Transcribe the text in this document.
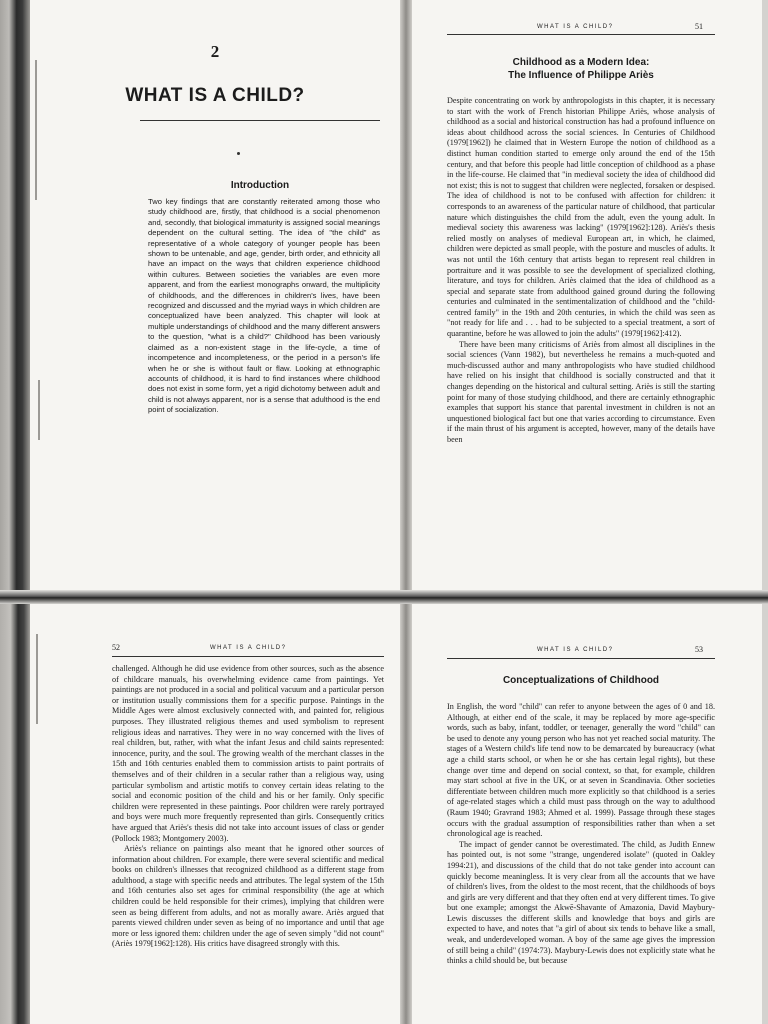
2
WHAT IS A CHILD?
Introduction
Two key findings that are constantly reiterated among those who study childhood are, firstly, that childhood is a social phenomenon and, secondly, that biological immaturity is assigned social meanings dependent on the cultural setting. The idea of "the child" as representative of a whole category of younger people has been shown to be untenable, and age, gender, birth order, and ethnicity all have an impact on the ways that children experience childhood within cultures. Between societies the variables are even more apparent, and from the earliest monographs onward, the multiplicity of childhoods, and the differences in children's lives, have been recognized and discussed and the myriad ways in which children are conceptualized have been analyzed. This chapter will look at multiple understandings of childhood and the many different answers to the question, "what is a child?" Childhood has been variously claimed as a non-existent stage in the life-cycle, a time of incompetence and incompleteness, or the period in a person's life when he or she is without fault or flaw. Looking at ethnographic accounts of childhood, it is hard to find instances where childhood does not exist in some form, yet a rigid dichotomy between adult and child is not always apparent, nor is a sense that adulthood is the end point of socialization.
WHAT IS A CHILD?	51
Childhood as a Modern Idea:
The Influence of Philippe Ariès

Despite concentrating on work by anthropologists in this chapter, it is necessary to start with the work of French historian Philippe Ariès, whose analysis of childhood as a social and historical construction has had a profound influence on ideas about childhood across the social sciences. In Centuries of Childhood (1979[1962]) he claimed that in Western Europe the notion of childhood as a distinct human condition started to emerge only around the end of the 15th century, and that before this people had little conception of childhood as a phase in the life-course. He claimed that "in medieval society the idea of childhood did not exist; this is not to suggest that children were neglected, forsaken or despised. The idea of childhood is not to be confused with affection for children: it corresponds to an awareness of the particular nature of childhood, that particular nature which distinguishes the child from the adult, even the young adult. In medieval society this awareness was lacking" (1979[1962]:128). Ariès's thesis relied mostly on analyses of medieval European art, in which, he claimed, children were depicted as small people, with the posture and muscles of adults. It was not until the 16th century that artists began to represent real children in portraiture and it was possible to see the development of specialized clothing, literature, and toys for children. Ariès claimed that the idea of childhood as a special and separate state from adulthood gained ground during the following centuries and culminated in the sentimentalization of childhood and the "child-centred family" in the 19th and 20th centuries, in which the child was seen as "not ready for life and . . . had to be subjected to a special treatment, a sort of quarantine, before he was allowed to join the adults" (1979[1962]:412).

There have been many criticisms of Ariès from almost all disciplines in the social sciences (Vann 1982), but nevertheless he remains a much-quoted and much-discussed author and many anthropologists who have studied childhood have relied on his insight that childhood is socially constructed and that it changes depending on the historical and cultural setting. Ariès is still the starting point for many of those studying childhood, and there are certainly ethnographic examples that support his stance that parental investment in children is not an unquestioned biological fact but one that varies according to circumstance. Even if the main thrust of his argument is accepted, however, many of the details have been

52	WHAT IS A CHILD?

challenged. Although he did use evidence from other sources, such as the absence of childcare manuals, his overwhelming evidence came from paintings. Yet paintings are not produced in a social and political vacuum and a particular person or institution usually commissions them for a specific purpose. Paintings in the Middle Ages were almost exclusively connected with, and painted for, religious purposes. They illustrated religious themes and used symbolism to represent religious ideas and narratives. They were in no way concerned with the lives of real children, but, rather, with what the infant Jesus and child saints represented: innocence, purity, and the soul. The growing wealth of the merchant classes in the 15th and 16th centuries enabled them to commission artists to paint portraits of themselves and of their children in a secular rather than a religious way, using particular symbolism and artistic motifs to convey certain ideas relating to the social and economic position of the child and his or her family. Only specific children were represented in these paintings. Poor children were rarely portrayed and boys were much more frequently represented than girls. Consequently critics have argued that Ariès's thesis did not take into account issues of class or gender (Pollock 1983; Montgomery 2003).

Ariès's reliance on paintings also meant that he ignored other sources of information about children. For example, there were several scientific and medical books on children's illnesses that recognized childhood as a different stage from adulthood, a stage with specific needs and attributes. The legal system of the 15th and 16th centuries also set ages for criminal responsibility (the age at which children could be held responsible for their crimes), implying that children were seen as being different from adults, and not as morally aware. Ariès argued that parents viewed children under seven as being of no importance and until that age more or less ignored them: children under the age of seven simply "did not count" (Ariès 1979[1962]:128). His critics have disagreed strongly with this.

WHAT IS A CHILD?	53
Conceptualizations of Childhood

In English, the word "child" can refer to anyone between the ages of 0 and 18. Although, at either end of the scale, it may be replaced by more age-specific words, such as baby, infant, toddler, or teenager, generally the word "child" can be used to denote any young person who has not yet reached social maturity. The stages of a Western child's life tend now to be demarcated by bureaucracy (what age a child starts school, or when he or she has certain legal rights), but these change over time and depend on social context, so that, for example, children may start school at five in the UK, or at seven in Scandinavia. Other societies differentiate between children much more explicitly so that childhood is a series of age-related stages which a child must pass through on the way to adulthood (Raum 1940; Gravrand 1983; Ahmed et al. 1999). Passage through these stages occurs with the gradual assumption of responsibilities rather than when a set chronological age is reached.

The impact of gender cannot be overestimated. The child, as Judith Ennew has pointed out, is not some "strange, ungendered isolate" (quoted in Oakley 1994:21), and discussions of the child that do not take gender into account can quickly become meaningless. It is very clear from all the accounts that we have of children's lives, from the oldest to the most recent, that the childhoods of boys and girls are very different and that they often end at very different times. To give but one example; amongst the Akwē-Shavante of Amazonia, David Maybury-Lewis discusses the different skills and knowledge that boys and girls are expected to have, and notes that "a girl of about six tends to behave like a small, weak, and underdeveloped woman. A boy of the same age gives the impression of still being a child" (1974:73). Maybury-Lewis does not explicitly state what he thinks a child should be, but because
